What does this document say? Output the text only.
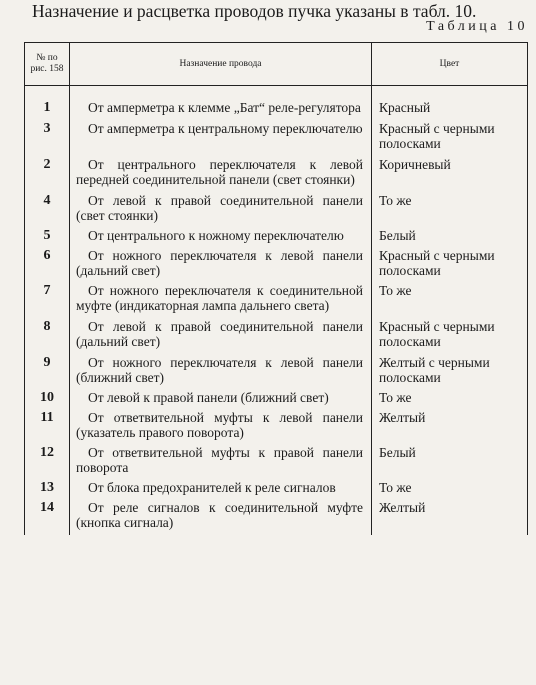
Назначение и расцветка проводов пучка указаны в табл. 10.
Таблица 10
№ по
рис. 158	Назначение провода	Цвет

1	От амперметра к клемме „Бат“ реле-регулятора	Красный
3	От амперметра к центральному переключателю	Красный с черными полосками
2	От центрального переключателя к левой передней соединительной панели (свет стоянки)	Коричневый
4	От левой к правой соединительной панели (свет стоянки)	То же
5	От центрального к ножному переключателю	Белый
6	От ножного переключателя к левой панели (дальний свет)	Красный с черными полосками
7	От ножного переключателя к соединительной муфте (индикаторная лампа дальнего света)	То же
8	От левой к правой соединительной панели (дальний свет)	Красный с черными полосками
9	От ножного переключателя к левой панели (ближний свет)	Желтый с черными полосками
10	От левой к правой панели (ближний свет)	То же
11	От ответвительной муфты к левой панели (указатель правого поворота)	Желтый
12	От ответвительной муфты к правой панели поворота	Белый
13	От блока предохранителей к реле сигналов	То же
14	От реле сигналов к соединительной муфте (кнопка сигнала)	Желтый
